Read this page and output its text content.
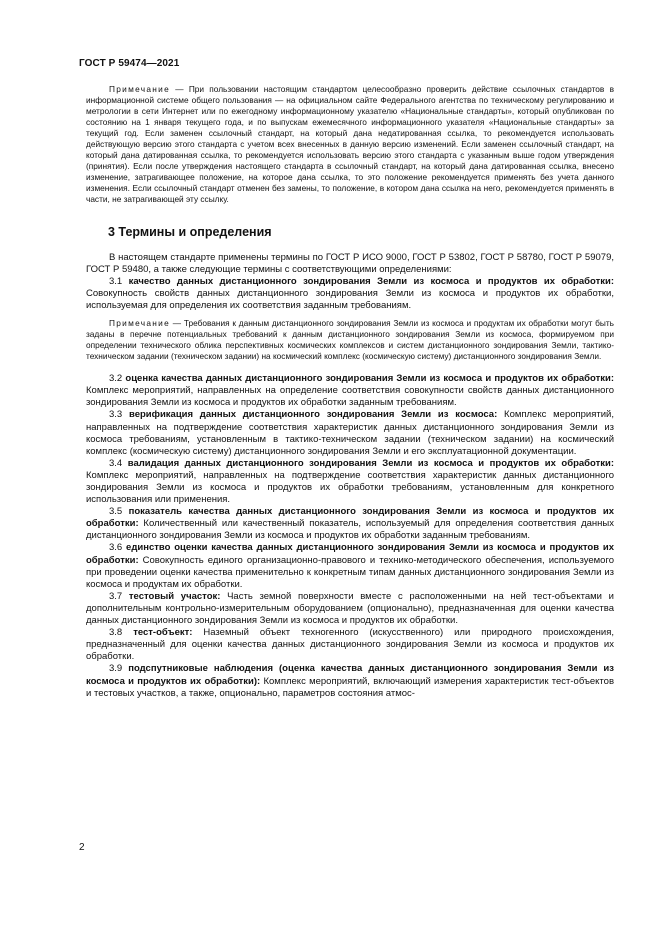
ГОСТ Р 59474—2021

Примечание — При пользовании настоящим стандартом целесообразно проверить действие ссылочных стандартов в информационной системе общего пользования — на официальном сайте Федерального агентства по техническому регулированию и метрологии в сети Интернет или по ежегодному информационному указателю «Национальные стандарты», который опубликован по состоянию на 1 января текущего года, и по выпускам ежемесячного информационного указателя «Национальные стандарты» за текущий год. Если заменен ссылочный стандарт, на который дана недатированная ссылка, то рекомендуется использовать действующую версию этого стандарта с учетом всех внесенных в данную версию изменений. Если заменен ссылочный стандарт, на который дана датированная ссылка, то рекомендуется использовать версию этого стандарта с указанным выше годом утверждения (принятия). Если после утверждения настоящего стандарта в ссылочный стандарт, на который дана датированная ссылка, внесено изменение, затрагивающее положение, на которое дана ссылка, то это положение рекомендуется применять без учета данного изменения. Если ссылочный стандарт отменен без замены, то положение, в котором дана ссылка на него, рекомендуется применять в части, не затрагивающей эту ссылку.

3 Термины и определения

В настоящем стандарте применены термины по ГОСТ Р ИСО 9000, ГОСТ Р 53802, ГОСТ Р 58780, ГОСТ Р 59079, ГОСТ Р 59480, а также следующие термины с соответствующими определениями:

3.1 качество данных дистанционного зондирования Земли из космоса и продуктов их обработки: Совокупность свойств данных дистанционного зондирования Земли из космоса и продуктов их обработки, используемая для определения их соответствия заданным требованиям.

Примечание — Требования к данным дистанционного зондирования Земли из космоса и продуктам их обработки могут быть заданы в перечне потенциальных требований к данным дистанционного зондирования Земли из космоса, формируемом при определении технического облика перспективных космических комплексов и систем дистанционного зондирования Земли, тактико-техническом задании (техническом задании) на космический комплекс (космическую систему) дистанционного зондирования Земли.

3.2 оценка качества данных дистанционного зондирования Земли из космоса и продуктов их обработки: Комплекс мероприятий, направленных на определение соответствия совокупности свойств данных дистанционного зондирования Земли из космоса и продуктов их обработки заданным требованиям.

3.3 верификация данных дистанционного зондирования Земли из космоса: Комплекс мероприятий, направленных на подтверждение соответствия характеристик данных дистанционного зондирования Земли из космоса требованиям, установленным в тактико-техническом задании (техническом задании) на космический комплекс (космическую систему) дистанционного зондирования Земли и его эксплуатационной документации.

3.4 валидация данных дистанционного зондирования Земли из космоса и продуктов их обработки: Комплекс мероприятий, направленных на подтверждение соответствия характеристик данных дистанционного зондирования Земли из космоса и продуктов их обработки требованиям, установленным для конкретного использования или применения.

3.5 показатель качества данных дистанционного зондирования Земли из космоса и продуктов их обработки: Количественный или качественный показатель, используемый для определения соответствия данных дистанционного зондирования Земли из космоса и продуктов их обработки заданным требованиям.

3.6 единство оценки качества данных дистанционного зондирования Земли из космоса и продуктов их обработки: Совокупность единого организационно-правового и технико-методического обеспечения, используемого при проведении оценки качества применительно к конкретным типам данных дистанционного зондирования Земли из космоса и продуктам их обработки.

3.7 тестовый участок: Часть земной поверхности вместе с расположенными на ней тест-объектами и дополнительным контрольно-измерительным оборудованием (опционально), предназначенная для оценки качества данных дистанционного зондирования Земли из космоса и продуктов их обработки.

3.8 тест-объект: Наземный объект техногенного (искусственного) или природного происхождения, предназначенный для оценки качества данных дистанционного зондирования Земли из космоса и продуктов их обработки.

3.9 подспутниковые наблюдения (оценка качества данных дистанционного зондирования Земли из космоса и продуктов их обработки): Комплекс мероприятий, включающий измерения характеристик тест-объектов и тестовых участков, а также, опционально, параметров состояния атмос-

2
